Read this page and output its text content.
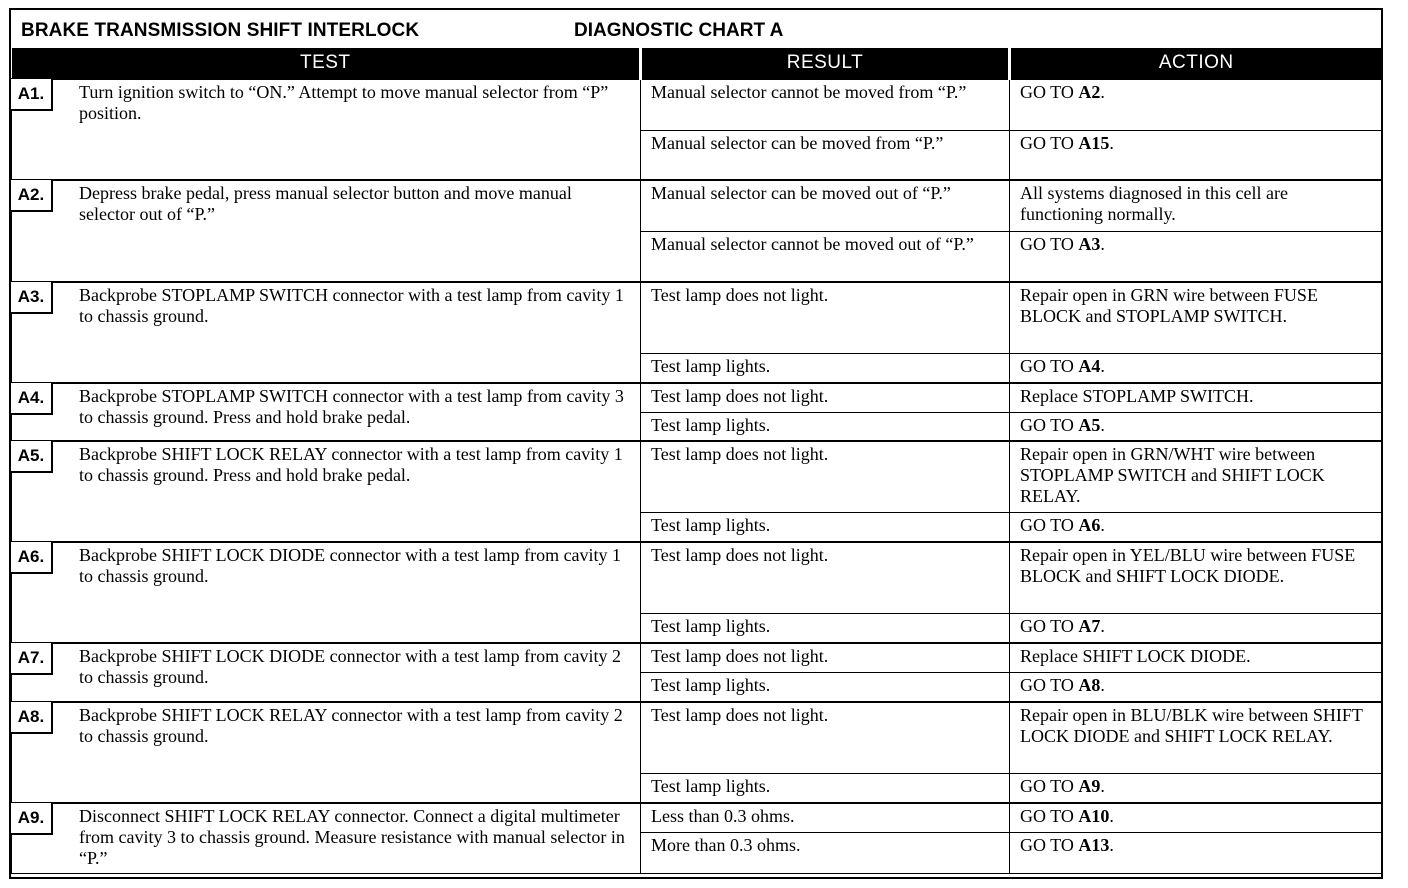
BRAKE TRANSMISSION SHIFT INTERLOCK	DIAGNOSTIC CHART A
TEST	RESULT	ACTION

A1. Turn ignition switch to “ON.” Attempt to move manual selector from “P” position.	Manual selector cannot be moved from “P.”	GO TO A2.
	Manual selector can be moved from “P.”	GO TO A15.

A2. Depress brake pedal, press manual selector button and move manual selector out of “P.”	Manual selector can be moved out of “P.”	All systems diagnosed in this cell are functioning normally.
	Manual selector cannot be moved out of “P.”	GO TO A3.

A3. Backprobe STOPLAMP SWITCH connector with a test lamp from cavity 1 to chassis ground.	Test lamp does not light.	Repair open in GRN wire between FUSE BLOCK and STOPLAMP SWITCH.
	Test lamp lights.	GO TO A4.

A4. Backprobe STOPLAMP SWITCH connector with a test lamp from cavity 3 to chassis ground. Press and hold brake pedal.	Test lamp does not light.	Replace STOPLAMP SWITCH.
	Test lamp lights.	GO TO A5.

A5. Backprobe SHIFT LOCK RELAY connector with a test lamp from cavity 1 to chassis ground. Press and hold brake pedal.	Test lamp does not light.	Repair open in GRN/WHT wire between STOPLAMP SWITCH and SHIFT LOCK RELAY.
	Test lamp lights.	GO TO A6.

A6. Backprobe SHIFT LOCK DIODE connector with a test lamp from cavity 1 to chassis ground.	Test lamp does not light.	Repair open in YEL/BLU wire between FUSE BLOCK and SHIFT LOCK DIODE.
	Test lamp lights.	GO TO A7.

A7. Backprobe SHIFT LOCK DIODE connector with a test lamp from cavity 2 to chassis ground.	Test lamp does not light.	Replace SHIFT LOCK DIODE.
	Test lamp lights.	GO TO A8.

A8. Backprobe SHIFT LOCK RELAY connector with a test lamp from cavity 2 to chassis ground.	Test lamp does not light.	Repair open in BLU/BLK wire between SHIFT LOCK DIODE and SHIFT LOCK RELAY.
	Test lamp lights.	GO TO A9.

A9. Disconnect SHIFT LOCK RELAY connector. Connect a digital multimeter from cavity 3 to chassis ground. Measure resistance with manual selector in “P.”	Less than 0.3 ohms.	GO TO A10.
	More than 0.3 ohms.	GO TO A13.
